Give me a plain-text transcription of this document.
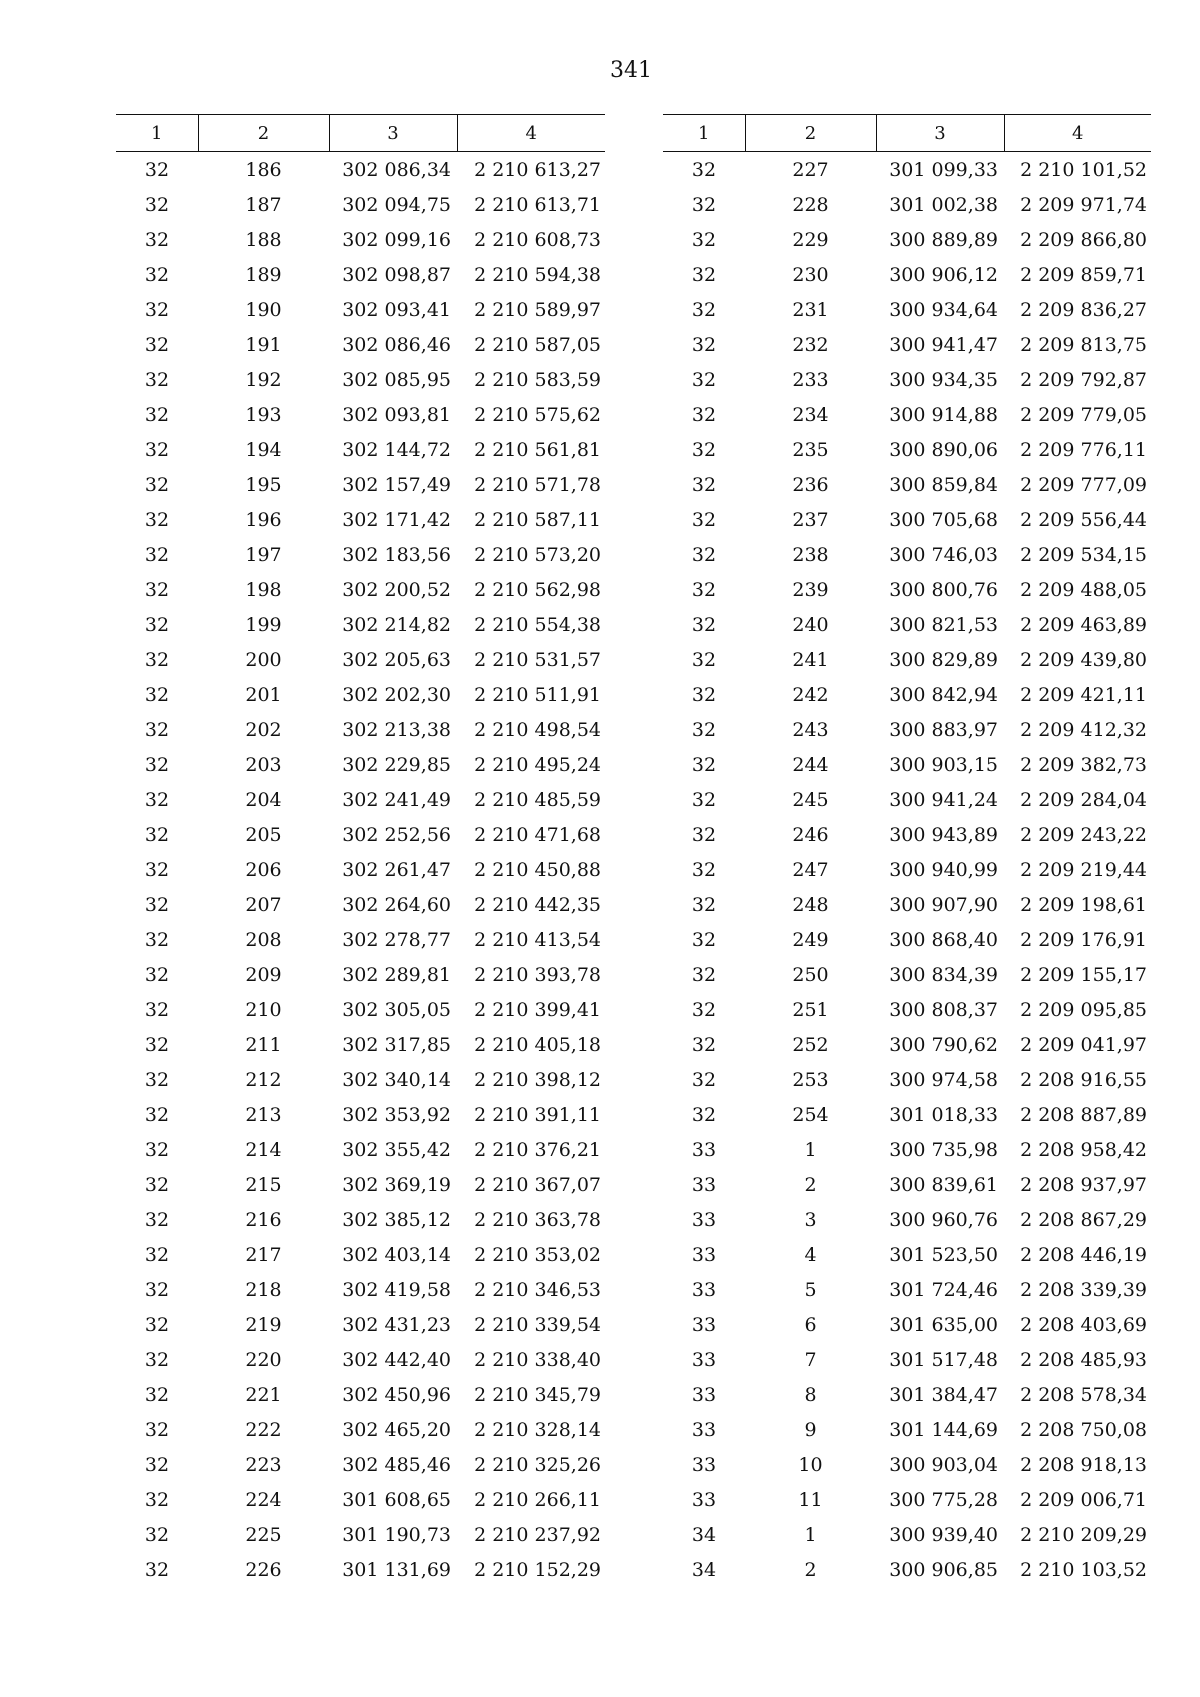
341
1	2	3	4
32	186	302 086,34	2 210 613,27
32	187	302 094,75	2 210 613,71
32	188	302 099,16	2 210 608,73
32	189	302 098,87	2 210 594,38
32	190	302 093,41	2 210 589,97
32	191	302 086,46	2 210 587,05
32	192	302 085,95	2 210 583,59
32	193	302 093,81	2 210 575,62
32	194	302 144,72	2 210 561,81
32	195	302 157,49	2 210 571,78
32	196	302 171,42	2 210 587,11
32	197	302 183,56	2 210 573,20
32	198	302 200,52	2 210 562,98
32	199	302 214,82	2 210 554,38
32	200	302 205,63	2 210 531,57
32	201	302 202,30	2 210 511,91
32	202	302 213,38	2 210 498,54
32	203	302 229,85	2 210 495,24
32	204	302 241,49	2 210 485,59
32	205	302 252,56	2 210 471,68
32	206	302 261,47	2 210 450,88
32	207	302 264,60	2 210 442,35
32	208	302 278,77	2 210 413,54
32	209	302 289,81	2 210 393,78
32	210	302 305,05	2 210 399,41
32	211	302 317,85	2 210 405,18
32	212	302 340,14	2 210 398,12
32	213	302 353,92	2 210 391,11
32	214	302 355,42	2 210 376,21
32	215	302 369,19	2 210 367,07
32	216	302 385,12	2 210 363,78
32	217	302 403,14	2 210 353,02
32	218	302 419,58	2 210 346,53
32	219	302 431,23	2 210 339,54
32	220	302 442,40	2 210 338,40
32	221	302 450,96	2 210 345,79
32	222	302 465,20	2 210 328,14
32	223	302 485,46	2 210 325,26
32	224	301 608,65	2 210 266,11
32	225	301 190,73	2 210 237,92
32	226	301 131,69	2 210 152,29
1	2	3	4
32	227	301 099,33	2 210 101,52
32	228	301 002,38	2 209 971,74
32	229	300 889,89	2 209 866,80
32	230	300 906,12	2 209 859,71
32	231	300 934,64	2 209 836,27
32	232	300 941,47	2 209 813,75
32	233	300 934,35	2 209 792,87
32	234	300 914,88	2 209 779,05
32	235	300 890,06	2 209 776,11
32	236	300 859,84	2 209 777,09
32	237	300 705,68	2 209 556,44
32	238	300 746,03	2 209 534,15
32	239	300 800,76	2 209 488,05
32	240	300 821,53	2 209 463,89
32	241	300 829,89	2 209 439,80
32	242	300 842,94	2 209 421,11
32	243	300 883,97	2 209 412,32
32	244	300 903,15	2 209 382,73
32	245	300 941,24	2 209 284,04
32	246	300 943,89	2 209 243,22
32	247	300 940,99	2 209 219,44
32	248	300 907,90	2 209 198,61
32	249	300 868,40	2 209 176,91
32	250	300 834,39	2 209 155,17
32	251	300 808,37	2 209 095,85
32	252	300 790,62	2 209 041,97
32	253	300 974,58	2 208 916,55
32	254	301 018,33	2 208 887,89
33	1	300 735,98	2 208 958,42
33	2	300 839,61	2 208 937,97
33	3	300 960,76	2 208 867,29
33	4	301 523,50	2 208 446,19
33	5	301 724,46	2 208 339,39
33	6	301 635,00	2 208 403,69
33	7	301 517,48	2 208 485,93
33	8	301 384,47	2 208 578,34
33	9	301 144,69	2 208 750,08
33	10	300 903,04	2 208 918,13
33	11	300 775,28	2 209 006,71
34	1	300 939,40	2 210 209,29
34	2	300 906,85	2 210 103,52
